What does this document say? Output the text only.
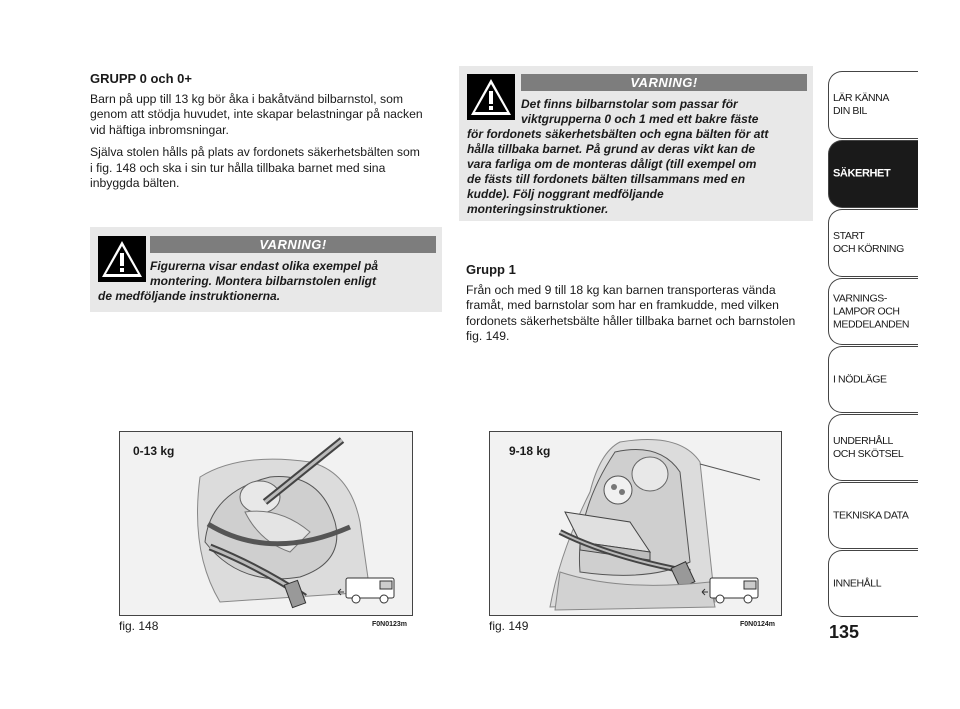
GRUPP 0 och 0+

Barn på upp till 13 kg bör åka i bakåtvänd bilbarnstol, som
genom att stödja huvudet, inte skapar belastningar på nacken
vid häftiga inbromsningar.

Själva stolen hålls på plats av fordonets säkerhetsbälten som
i fig. 148 och ska i sin tur hålla tillbaka barnet med sina
inbyggda bälten.

VARNING!
Figurerna visar endast olika exempel på
montering. Montera bilbarnstolen enligt
de medföljande instruktionerna.
VARNING!
Det finns bilbarnstolar som passar för
viktgrupperna 0 och 1 med ett bakre fäste
för fordonets säkerhetsbälten och egna bälten för att
hålla tillbaka barnet. På grund av deras vikt kan de
vara farliga om de monteras dåligt (till exempel om
de fästs till fordonets bälten tillsammans med en
kudde). Följ noggrant medföljande
monteringsinstruktioner.
Grupp 1
Från och med 9 till 18 kg kan barnen transporteras vända
framåt, med barnstolar som har en framkudde, med vilken
fordonets säkerhetsbälte håller tillbaka barnet och barnstolen
fig. 149.
0-13 kg
fig. 148	F0N0123m
9-18 kg
fig. 149	F0N0124m
LÄR KÄNNA
DIN BIL
SÄKERHET
START
OCH KÖRNING
VARNINGS-
LAMPOR OCH
MEDDELANDEN
I NÖDLÄGE
UNDERHÅLL
OCH SKÖTSEL
TEKNISKA DATA
INNEHÅLL
135
